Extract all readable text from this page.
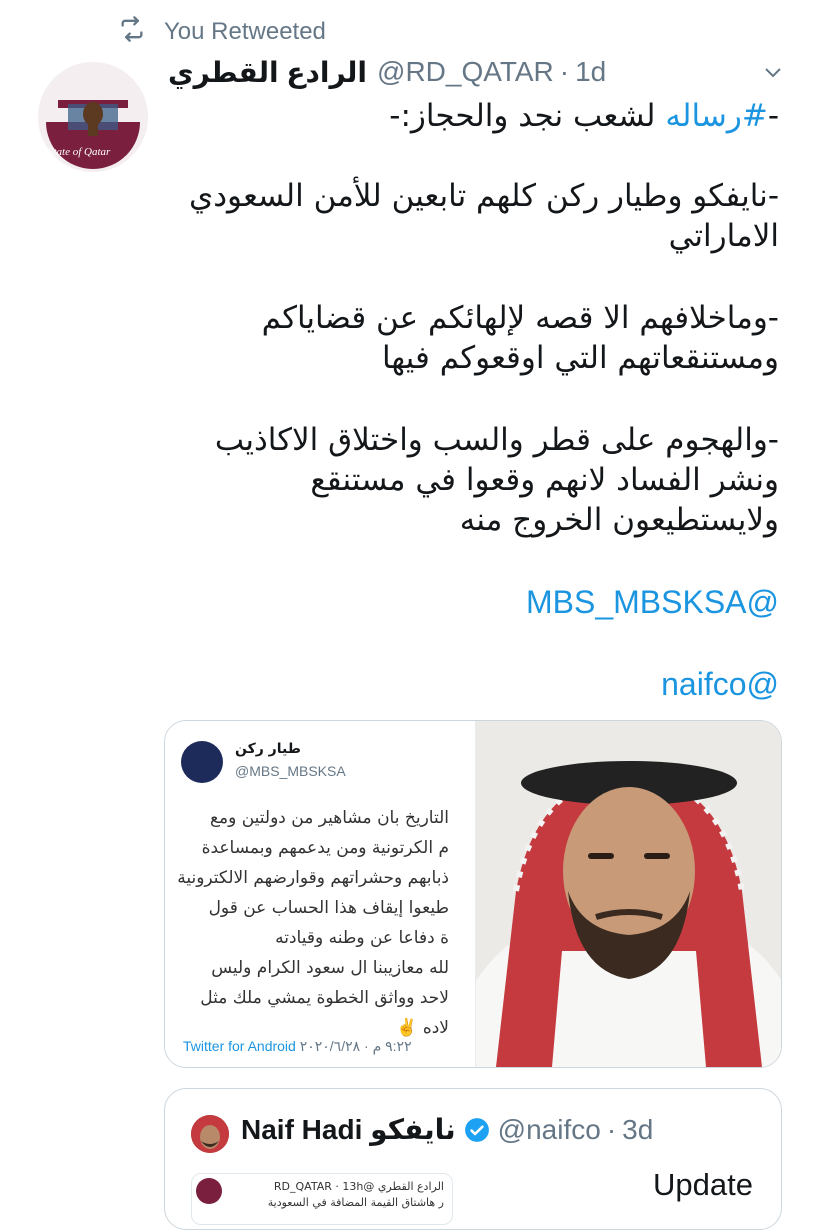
You Retweeted
State of Qatar
الرادع القطري @RD_QATAR · 1d

-#رساله لشعب نجد والحجاز:-

-نايفكو وطيار ركن كلهم تابعين للأمن السعودي الاماراتي

-وماخلافهم الا قصه لإلهائكم عن قضاياكم

ومستنقعاتهم التي اوقعوكم فيها

-والهجوم على قطر والسب واختلاق الاكاذيب ونشر الفساد لانهم وقعوا في مستنقع ولايستطيعون الخروج منه

@MBS_MBSKSA
@naifco
طيار ركن
@MBS_MBSKSA

التاريخ بان مشاهير من دولتين ومع

م الكرتونية ومن يدعمهم وبمساعدة

ذبابهم وحشراتهم وقوارضهم الالكترونية

طيعوا إيقاف هذا الحساب عن قول

ة دفاعا عن وطنه وقيادته

لله معازيبنا ال سعود الكرام وليس

لاحد وواثق الخطوة يمشي ملك مثل

لاده ✌️

Twitter for Android ٩:٢٢ م · ٢٠٢٠/٦/٢٨
Naif Hadi نايفكو @naifco · 3d
الرادع القطري @RD_QATAR · 13h
ر هاشتاق القيمة المضافة في السعودية
Update
